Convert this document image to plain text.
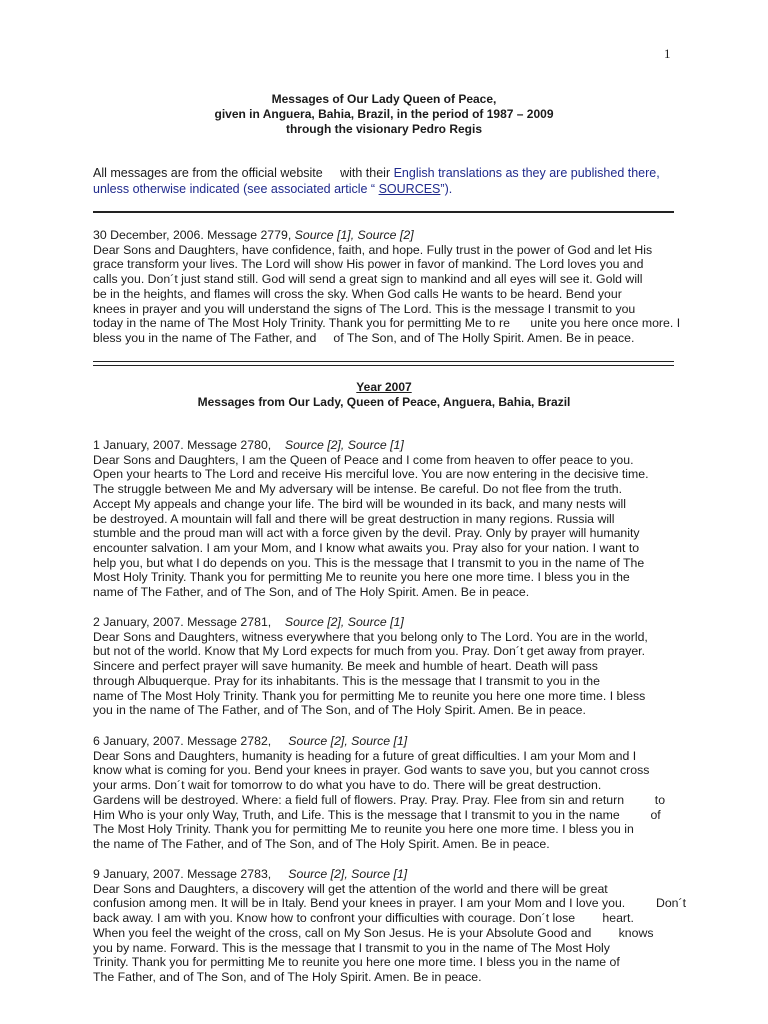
1
Messages of Our Lady Queen of Peace,
given in Anguera, Bahia, Brazil, in the period of 1987 – 2009
through the visionary Pedro Regis
All messages are from the official website     with their English translations as they are published there,
unless otherwise indicated (see associated article “ SOURCES”).
30 December, 2006. Message 2779, Source [1], Source [2]
Dear Sons and Daughters, have confidence, faith, and hope. Fully trust in the power of God and let His
grace transform your lives. The Lord will show His power in favor of mankind. The Lord loves you and
calls you. Don´t just stand still. God will send a great sign to mankind and all eyes will see it. Gold will
be in the heights, and flames will cross the sky. When God calls He wants to be heard. Bend your
knees in prayer and you will understand the signs of The Lord. This is the message I transmit to you
today in the name of The Most Holy Trinity. Thank you for permitting Me to re      unite you here once more. I
bless you in the name of The Father, and     of The Son, and of The Holly Spirit. Amen. Be in peace.
Year 2007
Messages from Our Lady, Queen of Peace, Anguera, Bahia, Brazil
1 January, 2007. Message 2780,    Source [2], Source [1]
Dear Sons and Daughters, I am the Queen of Peace and I come from heaven to offer peace to you.
Open your hearts to The Lord and receive His merciful love. You are now entering in the decisive time.
The struggle between Me and My adversary will be intense. Be careful. Do not flee from the truth.
Accept My appeals and change your life. The bird will be wounded in its back, and many nests will
be destroyed. A mountain will fall and there will be great destruction in many regions. Russia will
stumble and the proud man will act with a force given by the devil. Pray. Only by prayer will humanity
encounter salvation. I am your Mom, and I know what awaits you. Pray also for your nation. I want to
help you, but what I do depends on you. This is the message that I transmit to you in the name of The
Most Holy Trinity. Thank you for permitting Me to reunite you here one more time. I bless you in the
name of The Father, and of The Son, and of The Holy Spirit. Amen. Be in peace.
2 January, 2007. Message 2781,    Source [2], Source [1]
Dear Sons and Daughters, witness everywhere that you belong only to The Lord. You are in the world,
but not of the world. Know that My Lord expects for much from you. Pray. Don´t get away from prayer.
Sincere and perfect prayer will save humanity. Be meek and humble of heart. Death will pass
through Albuquerque. Pray for its inhabitants. This is the message that I transmit to you in the
name of The Most Holy Trinity. Thank you for permitting Me to reunite you here one more time. I bless
you in the name of The Father, and of The Son, and of The Holy Spirit. Amen. Be in peace.
6 January, 2007. Message 2782,     Source [2], Source [1]
Dear Sons and Daughters, humanity is heading for a future of great difficulties. I am your Mom and I
know what is coming for you. Bend your knees in prayer. God wants to save you, but you cannot cross
your arms. Don´t wait for tomorrow to do what you have to do. There will be great destruction.
Gardens will be destroyed. Where: a field full of flowers. Pray. Pray. Pray. Flee from sin and return         to
Him Who is your only Way, Truth, and Life. This is the message that I transmit to you in the name         of
The Most Holy Trinity. Thank you for permitting Me to reunite you here one more time. I bless you in
the name of The Father, and of The Son, and of The Holy Spirit. Amen. Be in peace.
9 January, 2007. Message 2783,     Source [2], Source [1]
Dear Sons and Daughters, a discovery will get the attention of the world and there will be great
confusion among men. It will be in Italy. Bend your knees in prayer. I am your Mom and I love you.         Don´t
back away. I am with you. Know how to confront your difficulties with courage. Don´t lose        heart.
When you feel the weight of the cross, call on My Son Jesus. He is your Absolute Good and        knows
you by name. Forward. This is the message that I transmit to you in the name of The Most Holy
Trinity. Thank you for permitting Me to reunite you here one more time. I bless you in the name of
The Father, and of The Son, and of The Holy Spirit. Amen. Be in peace.
